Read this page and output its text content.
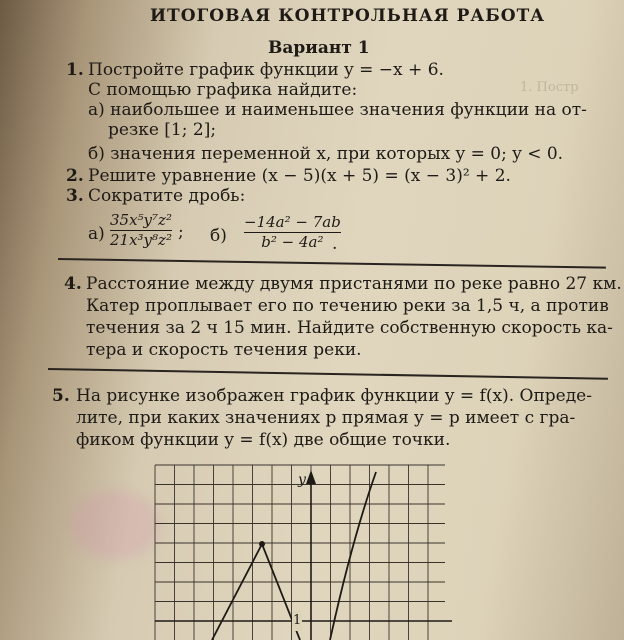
1. Постр
ИТОГОВАЯ КОНТРОЛЬНАЯ РАБОТА
Вариант 1
1. Постройте график функции y = −x + 6.
С помощью графика найдите:
а) наибольшее и наименьшее значения функции на от-
резке [1; 2];
б) значения переменной x, при которых y = 0; y < 0.
2. Решите уравнение (x − 5)(x + 5) = (x − 3)² + 2.
3. Сократите дробь:
а)
35x⁵y⁷z²
21x³y⁸z² ; б)
−14a² − 7ab
b² − 4a² .
4. Расстояние между двумя пристанями по реке равно 27 км.
Катер проплывает его по течению реки за 1,5 ч, а против
течения за 2 ч 15 мин. Найдите собственную скорость ка-
тера и скорость течения реки.
5. На рисунке изображен график функции y = f(x). Опреде-
лите, при каких значениях p прямая y = p имеет с гра-
фиком функции y = f(x) две общие точки.
y
1
